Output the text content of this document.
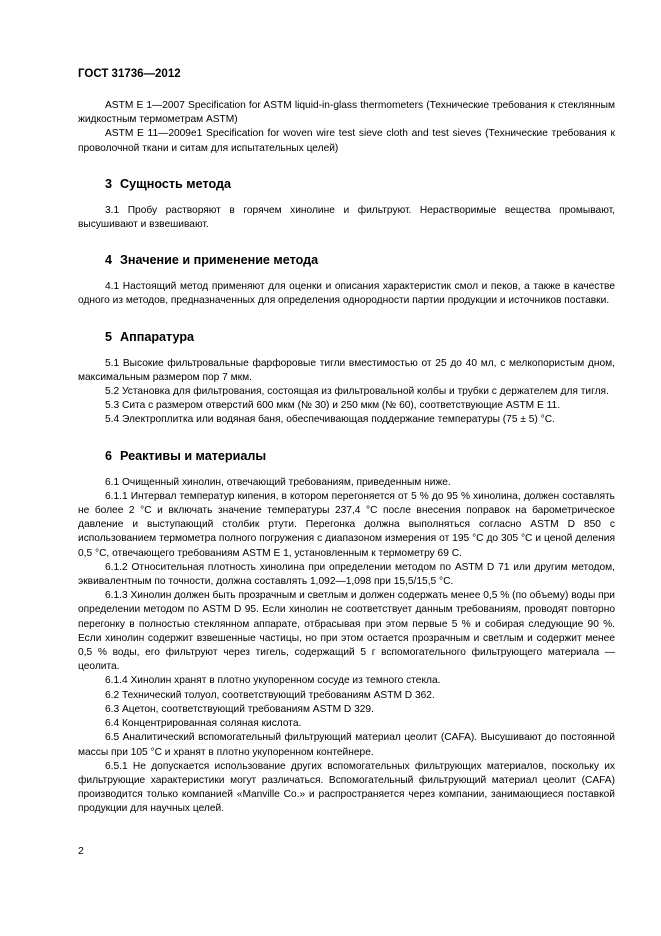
ГОСТ 31736—2012

ASTM E 1—2007 Specification for ASTM liquid-in-glass thermometers (Технические требования к стеклянным жидкостным термометрам ASTM)

ASTM E 11—2009е1 Specification for woven wire test sieve cloth and test sieves (Технические требования к проволочной ткани и ситам для испытательных целей)

3 Сущность метода

3.1 Пробу растворяют в горячем хинолине и фильтруют. Нерастворимые вещества промывают, высушивают и взвешивают.

4 Значение и применение метода

4.1 Настоящий метод применяют для оценки и описания характеристик смол и пеков, а также в качестве одного из методов, предназначенных для определения однородности партии продукции и источников поставки.

5 Аппаратура

5.1 Высокие фильтровальные фарфоровые тигли вместимостью от 25 до 40 мл, с мелкопористым дном, максимальным размером пор 7 мкм.

5.2 Установка для фильтрования, состоящая из фильтровальной колбы и трубки с держателем для тигля.

5.3 Сита с размером отверстий 600 мкм (№ 30) и 250 мкм (№ 60), соответствующие ASTM E 11.

5.4 Электроплитка или водяная баня, обеспечивающая поддержание температуры (75 ± 5) °С.

6 Реактивы и материалы

6.1 Очищенный хинолин, отвечающий требованиям, приведенным ниже.

6.1.1 Интервал температур кипения, в котором перегоняется от 5 % до 95 % хинолина, должен составлять не более 2 °С и включать значение температуры 237,4 °С после внесения поправок на барометрическое давление и выступающий столбик ртути. Перегонка должна выполняться согласно ASTM D 850 с использованием термометра полного погружения с диапазоном измерения от 195 °С до 305 °С и ценой деления 0,5 °С, отвечающего требованиям ASTM E 1, установленным к термометру 69 С.

6.1.2 Относительная плотность хинолина при определении методом по ASTM D 71 или другим методом, эквивалентным по точности, должна составлять 1,092—1,098 при 15,5/15,5 °С.

6.1.3 Хинолин должен быть прозрачным и светлым и должен содержать менее 0,5 % (по объему) воды при определении методом по ASTM D 95. Если хинолин не соответствует данным требованиям, проводят повторно перегонку в полностью стеклянном аппарате, отбрасывая при этом первые 5 % и собирая следующие 90 %. Если хинолин содержит взвешенные частицы, но при этом остается прозрачным и светлым и содержит менее 0,5 % воды, его фильтруют через тигель, содержащий 5 г вспомогательного фильтрующего материала — цеолита.

6.1.4 Хинолин хранят в плотно укупоренном сосуде из темного стекла.

6.2 Технический толуол, соответствующий требованиям ASTM D 362.

6.3 Ацетон, соответствующий требованиям ASTM D 329.

6.4 Концентрированная соляная кислота.

6.5 Аналитический вспомогательный фильтрующий материал цеолит (CAFA). Высушивают до постоянной массы при 105 °С и хранят в плотно укупоренном контейнере.

6.5.1 Не допускается использование других вспомогательных фильтрующих материалов, поскольку их фильтрующие характеристики могут различаться. Вспомогательный фильтрующий материал цеолит (CAFA) производится только компанией «Manville Co.» и распространяется через компании, занимающиеся поставкой продукции для научных целей.

2
